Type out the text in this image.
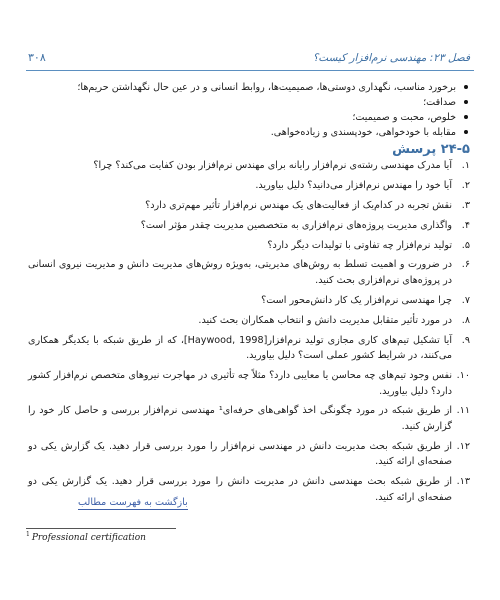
فصل ۲۳: مهندسی نرم‌افزار کیست؟
۳۰۸
برخورد مناسب، نگهداری دوستی‌ها، صمیمیت‌ها، روابط انسانی و در عین حال نگهداشتن حریم‌ها؛
صداقت؛
خلوص، محبت و صمیمیت؛
مقابله با خودخواهی، خودپسندی و زیاده‌خواهی.
۲۴-۵ پرسش
۱.
آیا مدرک مهندسی رشته‌ی نرم‌افزار رایانه برای مهندس نرم‌افزار بودن کفایت می‌کند؟ چرا؟
۲.
آیا خود را مهندس نرم‌افزار می‌دانید؟ دلیل بیاورید.
۳.
نقش تجربه در کدام‌یک از فعالیت‌های یک مهندس نرم‌افزار تأثیر مهم‌تری دارد؟
۴.
واگذاری مدیریت پروژه‌های نرم‌افزاری به متخصصین مدیریت چقدر مؤثر است؟
۵.
تولید نرم‌افزار چه تفاوتی با تولیدات دیگر دارد؟
۶.
در ضرورت و اهمیت تسلط به روش‌های مدیریتی، به‌ویژه روش‌های مدیریت دانش و مدیریت نیروی انسانی در پروژه‌های نرم‌افزاری بحث کنید.
۷.
چرا مهندسی نرم‌افزار یک کار دانش‌محور است؟
۸.
در مورد تأثیر متقابل مدیریت دانش و انتخاب همکاران بحث کنید.
۹.
آیا تشکیل تیم‌های کاری مجازی تولید نرم‌افزار[Haywood, 1998]، که از طریق شبکه با یکدیگر همکاری می‌کنند، در شرایط کشور عملی است؟ دلیل بیاورید.
۱۰.
نفس وجود تیم‌های چه محاسن یا معایبی دارد؟ مثلاً چه تأثیری در مهاجرت نیروهای متخصص نرم‌افزار کشور دارد؟ دلیل بیاورید.
۱۱.
از طریق شبکه در مورد چگونگی اخذ گواهی‌های حرفه‌ای¹ مهندسی نرم‌افزار بررسی و حاصل کار خود را گزارش کنید.
۱۲.
از طریق شبکه بحث مدیریت دانش در مهندسی نرم‌افزار را مورد بررسی قرار دهید. یک گزارش یکی دو صفحه‌ای ارائه کنید.
۱۳.
از طریق شبکه بحث مهندسی دانش در مدیریت دانش را مورد بررسی قرار دهید. یک گزارش یکی دو صفحه‌ای ارائه کنید.
بازگشت به فهرست مطالب
$^1$ Professional certification
